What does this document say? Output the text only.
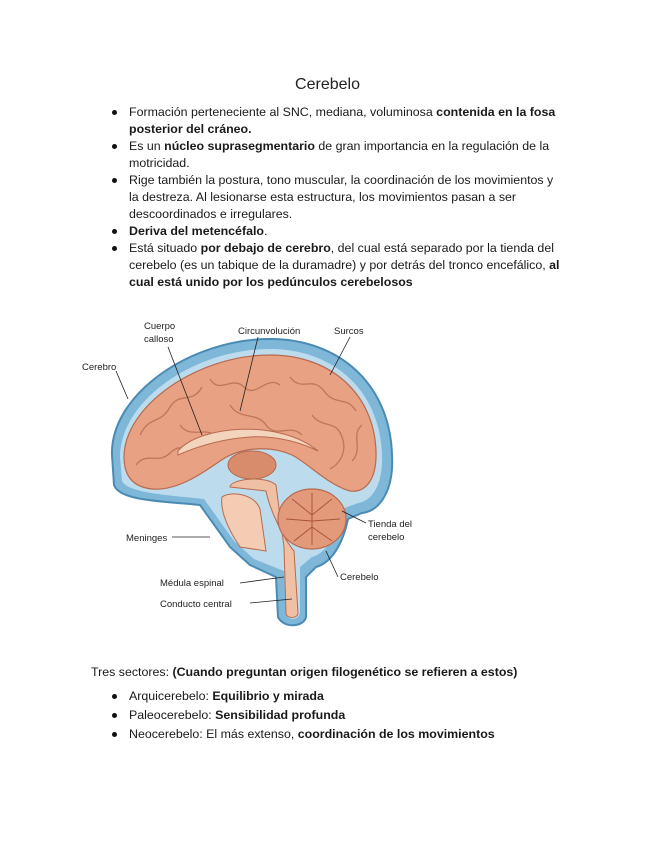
Cerebelo
Formación perteneciente al SNC, mediana, voluminosa contenida en la fosa posterior del cráneo.
Es un núcleo suprasegmentario de gran importancia en la regulación de la motricidad.
Rige también la postura, tono muscular, la coordinación de los movimientos y la destreza. Al lesionarse esta estructura, los movimientos pasan a ser descoordinados e irregulares.
Deriva del metencéfalo.
Está situado por debajo de cerebro, del cual está separado por la tienda del cerebelo (es un tabique de la duramadre) y por detrás del tronco encefálico, al cual está unido por los pedúnculos cerebelosos
Cuerpo
calloso
Circunvolución	Surcos
Cerebro
Tienda del
cerebelo
Meninges
Cerebelo
Médula espinal
Conducto central
Tres sectores: (Cuando preguntan origen filogenético se refieren a estos)
Arquicerebelo: Equilibrio y mirada
Paleocerebelo: Sensibilidad profunda
Neocerebelo: El más extenso, coordinación de los movimientos
